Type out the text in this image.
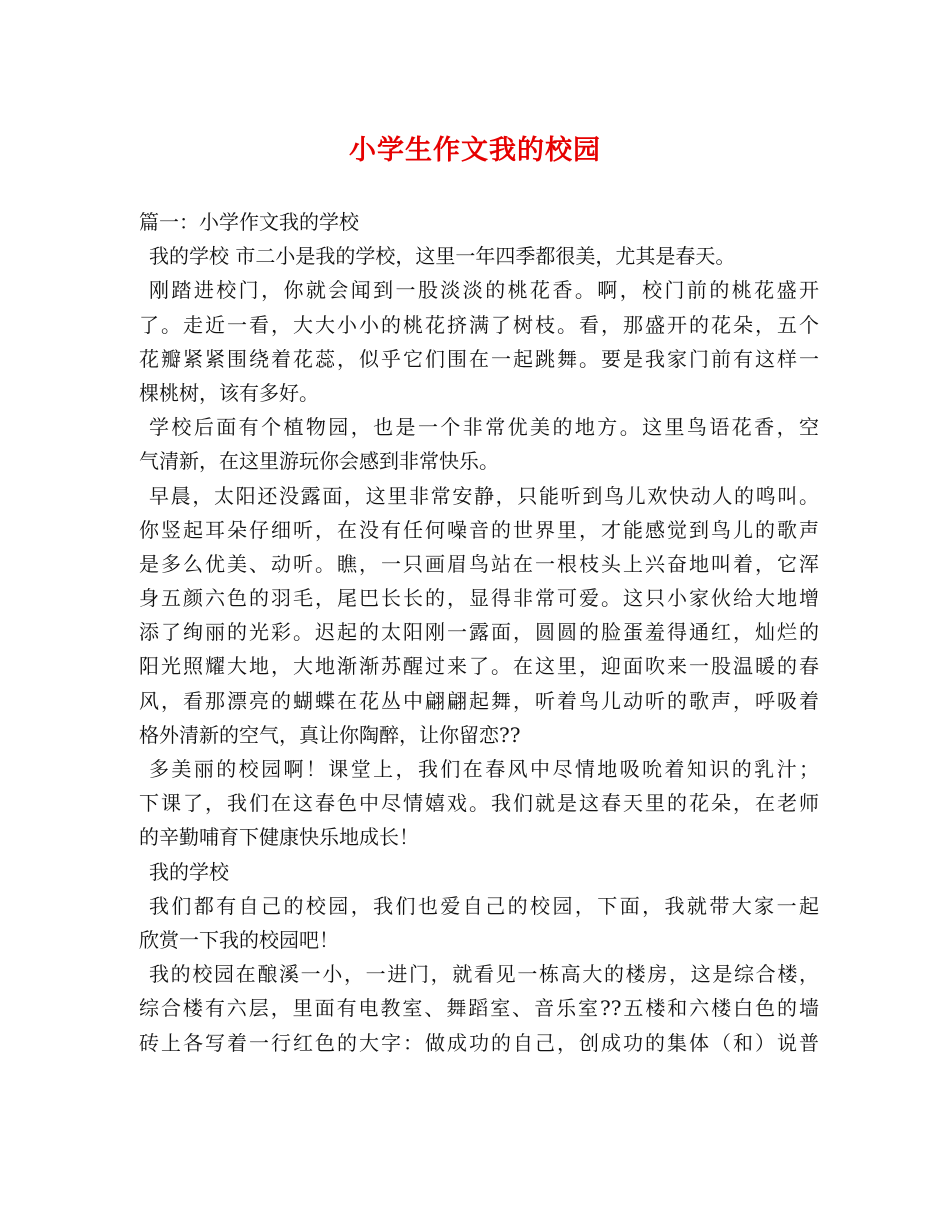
小学生作文我的校园
篇一：小学作文我的学校
我的学校 市二小是我的学校，这里一年四季都很美，尤其是春天。
刚踏进校门，你就会闻到一股淡淡的桃花香。啊，校门前的桃花盛开
了。走近一看，大大小小的桃花挤满了树枝。看，那盛开的花朵，五个
花瓣紧紧围绕着花蕊，似乎它们围在一起跳舞。要是我家门前有这样一
棵桃树，该有多好。
学校后面有个植物园，也是一个非常优美的地方。这里鸟语花香，空
气清新，在这里游玩你会感到非常快乐。
早晨，太阳还没露面，这里非常安静，只能听到鸟儿欢快动人的鸣叫。
你竖起耳朵仔细听，在没有任何噪音的世界里，才能感觉到鸟儿的歌声
是多么优美、动听。瞧，一只画眉鸟站在一根枝头上兴奋地叫着，它浑
身五颜六色的羽毛，尾巴长长的，显得非常可爱。这只小家伙给大地增
添了绚丽的光彩。迟起的太阳刚一露面，圆圆的脸蛋羞得通红，灿烂的
阳光照耀大地，大地渐渐苏醒过来了。在这里，迎面吹来一股温暖的春
风，看那漂亮的蝴蝶在花丛中翩翩起舞，听着鸟儿动听的歌声，呼吸着
格外清新的空气，真让你陶醉，让你留恋??
多美丽的校园啊！课堂上，我们在春风中尽情地吸吮着知识的乳汁；
下课了，我们在这春色中尽情嬉戏。我们就是这春天里的花朵，在老师
的辛勤哺育下健康快乐地成长！
我的学校
我们都有自己的校园，我们也爱自己的校园，下面，我就带大家一起
欣赏一下我的校园吧！
我的校园在酿溪一小，一进门，就看见一栋高大的楼房，这是综合楼，
综合楼有六层，里面有电教室、舞蹈室、音乐室??五楼和六楼白色的墙
砖上各写着一行红色的大字：做成功的自己，创成功的集体（和）说普
